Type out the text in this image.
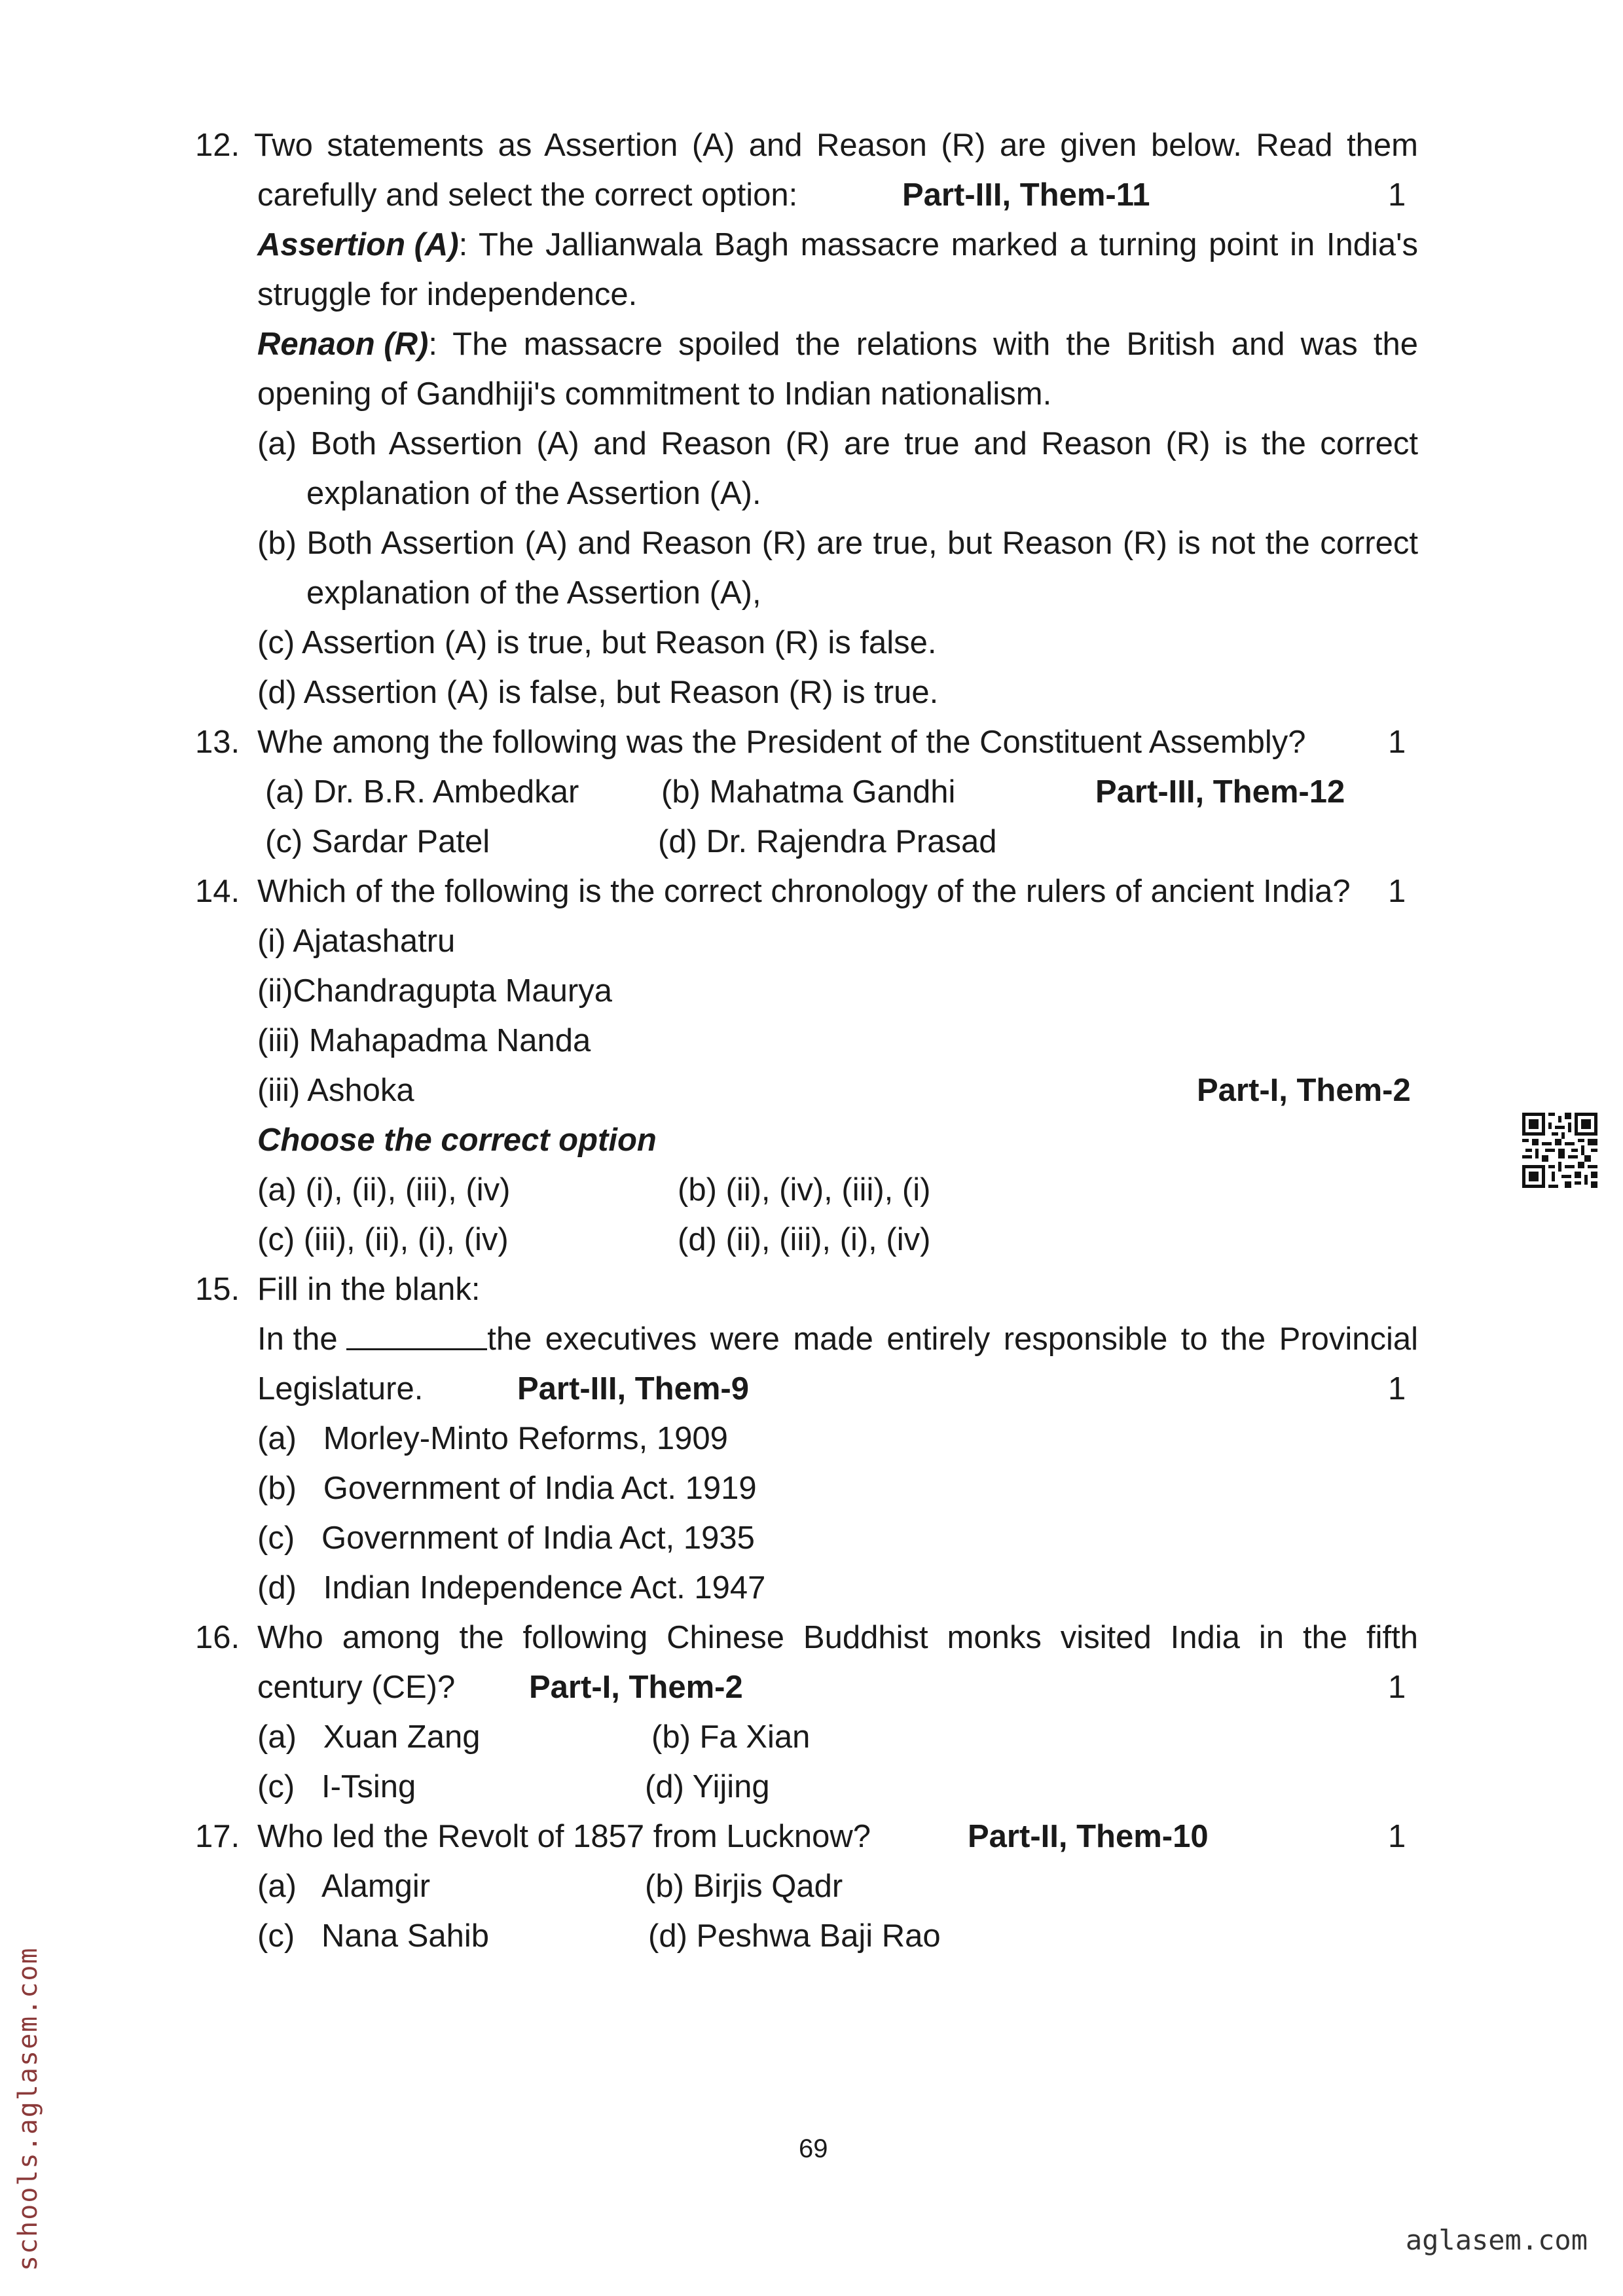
12. Two statements as Assertion (A) and Reason (R) are given below. Read them
carefully and select the correct option:	Part-III, Them-11	1
Assertion (A) : The Jallianwala Bagh massacre marked a turning point in India's
struggle for independence.
Renaon (R) : The massacre spoiled the relations with the British and was the
opening of Gandhiji's commitment to Indian nationalism.
(a) Both Assertion (A) and Reason (R) are true and Reason (R) is the correct
explanation of the Assertion (A).
(b) Both Assertion (A) and Reason (R) are true, but Reason (R) is not the correct
explanation of the Assertion (A),
(c) Assertion (A) is true, but Reason (R) is false.
(d) Assertion (A) is false, but Reason (R) is true.
13. Whe among the following was the President of the Constituent Assembly?	1
(a) Dr. B.R. Ambedkar	(b) Mahatma Gandhi	Part-III, Them-12
(c) Sardar Patel	(d) Dr. Rajendra Prasad
14. Which of the following is the correct chronology of the rulers of ancient India? 1
(i) Ajatashatru
(ii)Chandragupta Maurya
(iii) Mahapadma Nanda
(iii) Ashoka	Part-I, Them-2
Choose the correct option
(a) (i), (ii), (iii), (iv)	(b) (ii), (iv), (iii), (i)
(c) (iii), (ii), (i), (iv)	(d) (ii), (iii), (i), (iv)
15. Fill in the blank:
In the	the executives were made entirely responsible to the Provincial
Legislature.	Part-III, Them-9	1
(a)   Morley-Minto Reforms, 1909
(b)   Government of India Act. 1919
(c)   Government of India Act, 1935
(d)   Indian Independence Act. 1947
16. Who among the following Chinese Buddhist monks visited India in the fifth
century (CE)? Part-I, Them-2	1
(a)   Xuan Zang	(b) Fa Xian
(c)   I-Tsing	(d) Yijing
17. Who led the Revolt of 1857 from Lucknow?	Part-II, Them-10	1
(a)   Alamgir	(b) Birjis Qadr
(c)   Nana Sahib	(d) Peshwa Baji Rao
69
schools.aglasem.com	aglasem.com
